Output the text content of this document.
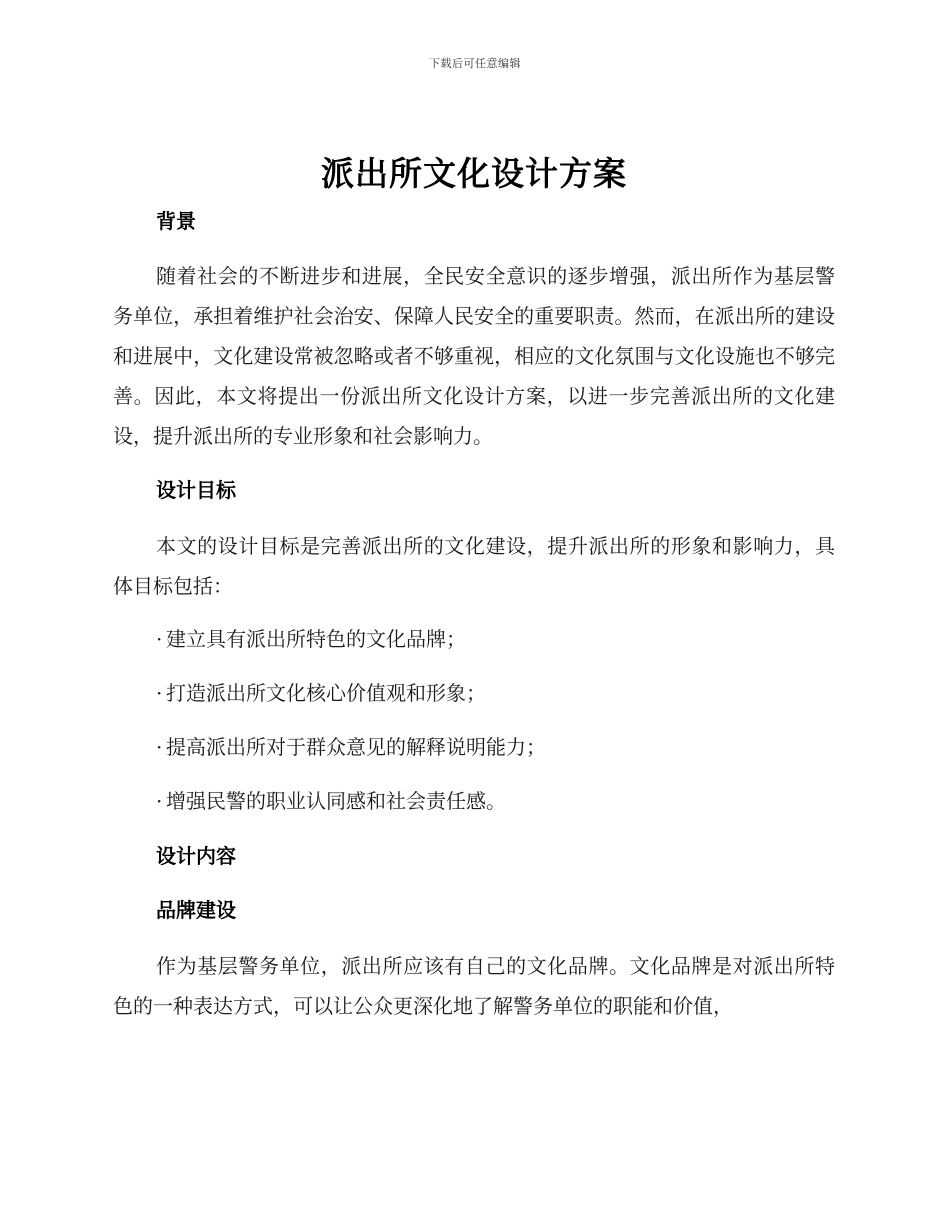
下载后可任意编辑
派出所文化设计方案
背景

随着社会的不断进步和进展，全民安全意识的逐步增强，派出所作为基层警务单位，承担着维护社会治安、保障人民安全的重要职责。然而，在派出所的建设和进展中，文化建设常被忽略或者不够重视，相应的文化氛围与文化设施也不够完善。因此，本文将提出一份派出所文化设计方案，以进一步完善派出所的文化建设，提升派出所的专业形象和社会影响力。

设计目标

本文的设计目标是完善派出所的文化建设，提升派出所的形象和影响力，具体目标包括：

· 建立具有派出所特色的文化品牌；

· 打造派出所文化核心价值观和形象；

· 提高派出所对于群众意见的解释说明能力；

· 增强民警的职业认同感和社会责任感。

设计内容
品牌建设

作为基层警务单位，派出所应该有自己的文化品牌。文化品牌是对派出所特色的一种表达方式，可以让公众更深化地了解警务单位的职能和价值，
